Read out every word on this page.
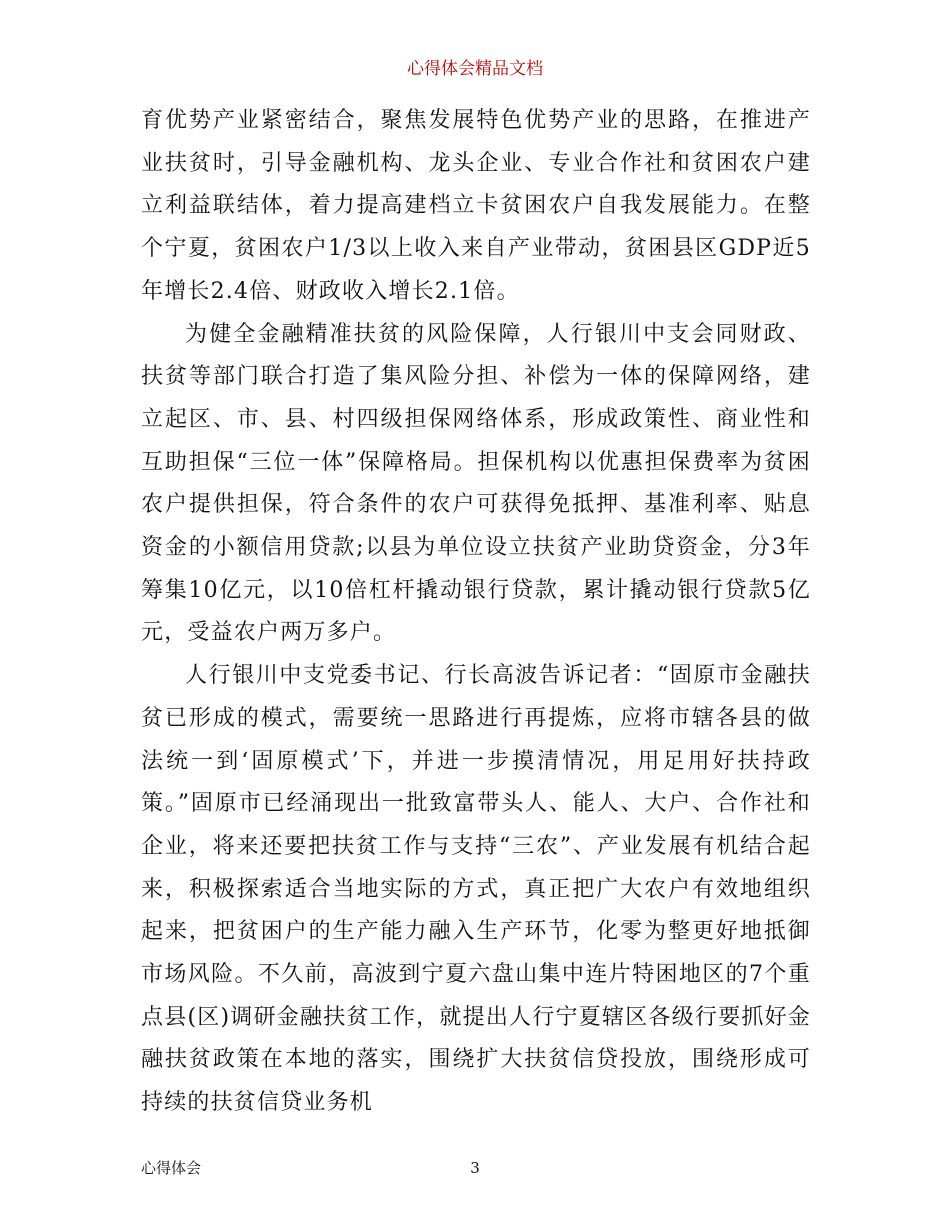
心得体会精品文档

育优势产业紧密结合，聚焦发展特色优势产业的思路，在推进产业扶贫时，引导金融机构、龙头企业、专业合作社和贫困农户建立利益联结体，着力提高建档立卡贫困农户自我发展能力。在整个宁夏，贫困农户1/3以上收入来自产业带动，贫困县区GDP近5年增长2.4倍、财政收入增长2.1倍。

为健全金融精准扶贫的风险保障，人行银川中支会同财政、扶贫等部门联合打造了集风险分担、补偿为一体的保障网络，建立起区、市、县、村四级担保网络体系，形成政策性、商业性和互助担保“三位一体”保障格局。担保机构以优惠担保费率为贫困农户提供担保，符合条件的农户可获得免抵押、基准利率、贴息资金的小额信用贷款;以县为单位设立扶贫产业助贷资金，分3年筹集10亿元，以10倍杠杆撬动银行贷款，累计撬动银行贷款5亿元，受益农户两万多户。

人行银川中支党委书记、行长高波告诉记者：“固原市金融扶贫已形成的模式，需要统一思路进行再提炼，应将市辖各县的做法统一到‘固原模式’下，并进一步摸清情况，用足用好扶持政策。”固原市已经涌现出一批致富带头人、能人、大户、合作社和企业，将来还要把扶贫工作与支持“三农”、产业发展有机结合起来，积极探索适合当地实际的方式，真正把广大农户有效地组织起来，把贫困户的生产能力融入生产环节，化零为整更好地抵御市场风险。不久前，高波到宁夏六盘山集中连片特困地区的7个重点县(区)调研金融扶贫工作，就提出人行宁夏辖区各级行要抓好金融扶贫政策在本地的落实，围绕扩大扶贫信贷投放，围绕形成可持续的扶贫信贷业务机

心得体会	3
